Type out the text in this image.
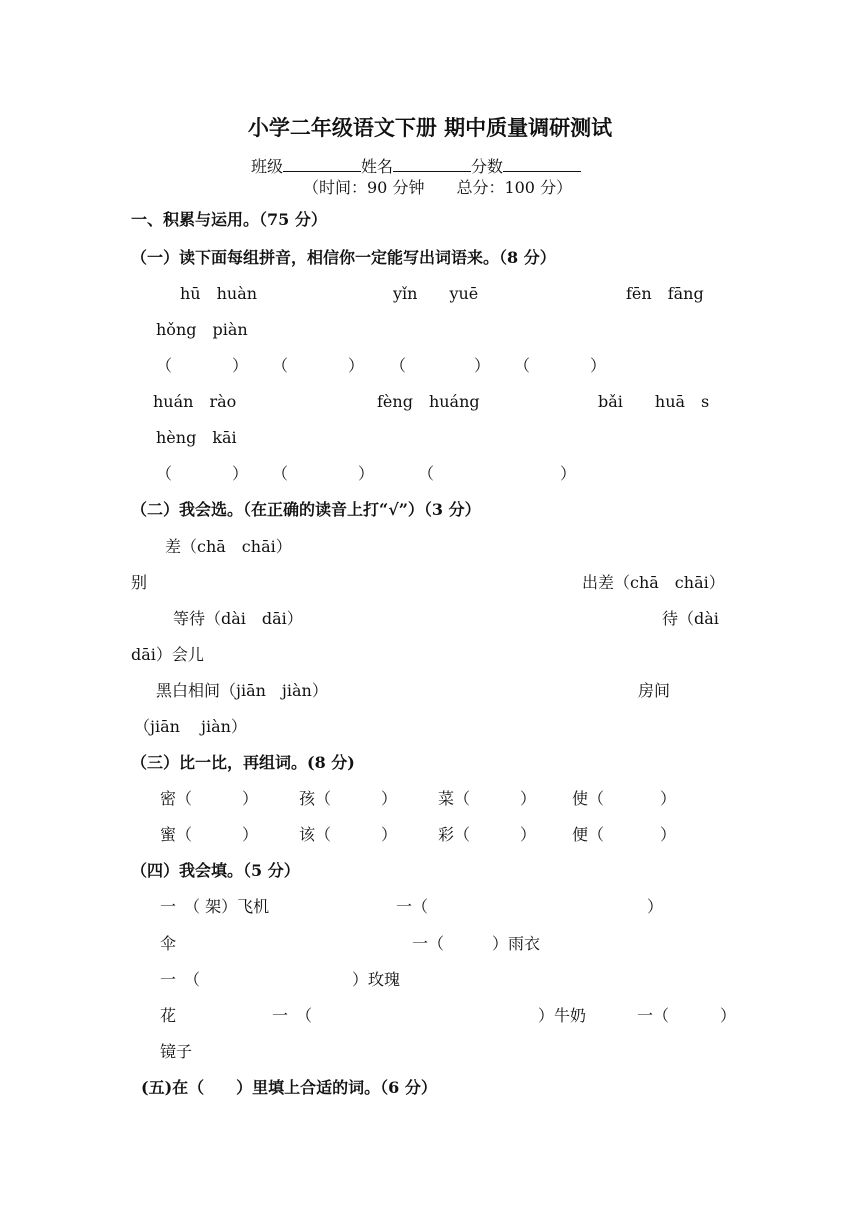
小学二年级语文下册 期中质量调研测试
班级	姓名	分数
（时间：90 分钟　　总分：100 分）
一、积累与运用。（75 分）
（一）读下面每组拼音，相信你一定能写出词语来。（8 分）
hū　huàn	yǐn　　yuē	fēn　fāng
hǒng　piàn
（	） （	） （	） （	）
huán　rào	fèng　huáng	bǎi　　huā　s
hèng　kāi
（	） （	）	（	）
（二）我会选。（在正确的读音上打“√”）（3 分）
差（chā　chāi）
别	出差（chā　chāi）
等待（dài　dāi）	待（dài
dāi）会儿
黑白相间（jiān　jiàn）	房间
（jiān　 jiàn）
（三）比一比，再组词。(8 分)
密（	）	孩（	）	菜（	） 使（	）
蜜（	）	该（	）	彩（	） 便（	）
（四）我会填。（5 分）
一　（ 架）飞机	一（	）
伞	一（　　　）雨衣
一　（	）玫瑰
花	一　（	）牛奶	一（	）
镜子
(五)在（　　）里填上合适的词。（6 分）
